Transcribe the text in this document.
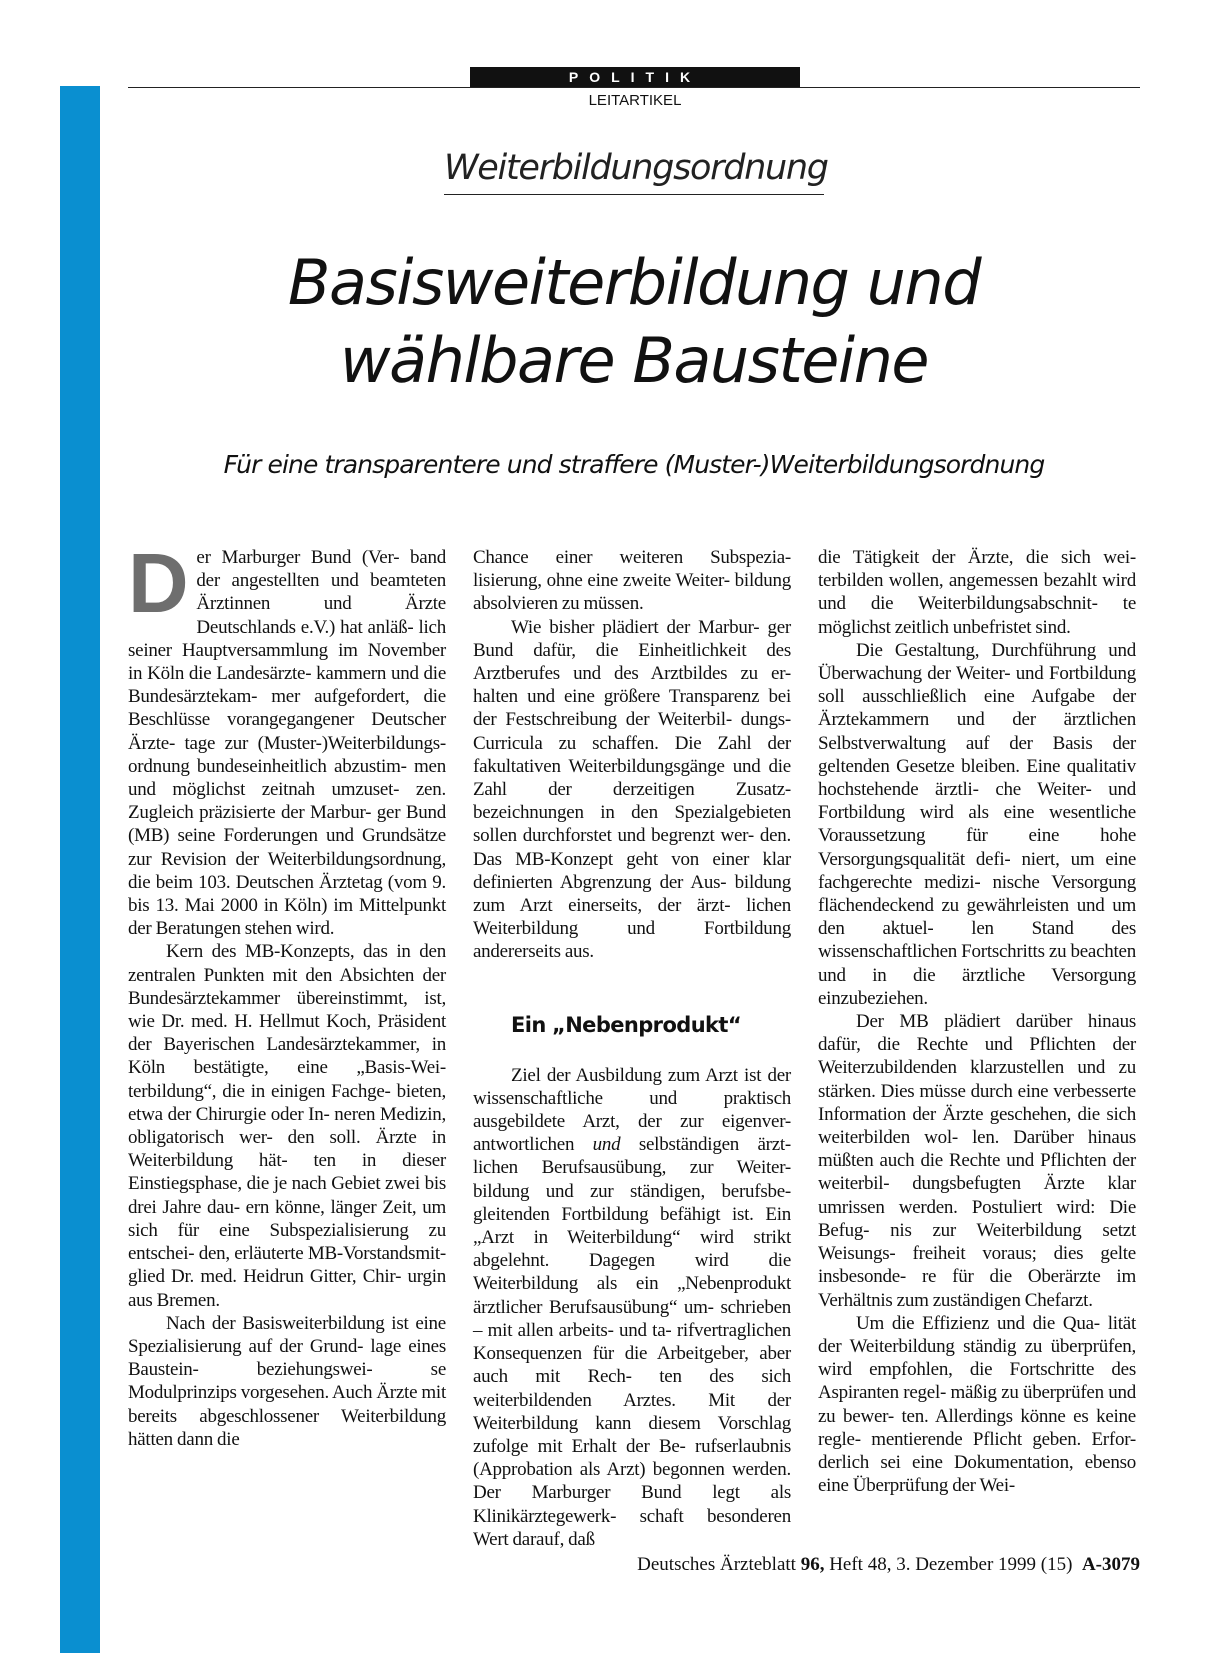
POLITIK
LEITARTIKEL
Weiterbildungsordnung
Basisweiterbildung und
wählbare Bausteine
Für eine transparentere und straffere (Muster-)Weiterbildungsordnung

Der Marburger Bund (Ver- band der angestellten und beamteten Ärztinnen und Ärzte Deutschlands e.V.) hat anläß- lich seiner Hauptversammlung im November in Köln die Landesärzte- kammern und die Bundesärztekam- mer aufgefordert, die Beschlüsse vorangegangener Deutscher Ärzte- tage zur (Muster-)Weiterbildungs- ordnung bundeseinheitlich abzustim- men und möglichst zeitnah umzuset- zen. Zugleich präzisierte der Marbur- ger Bund (MB) seine Forderungen und Grundsätze zur Revision der Weiterbildungsordnung, die beim 103. Deutschen Ärztetag (vom 9. bis 13. Mai 2000 in Köln) im Mittelpunkt der Beratungen stehen wird.

Kern des MB-Konzepts, das in den zentralen Punkten mit den Absichten der Bundesärztekammer übereinstimmt, ist, wie Dr. med. H. Hellmut Koch, Präsident der Bayerischen Landesärztekammer, in Köln bestätigte, eine „Basis-Wei- terbildung“, die in einigen Fachge- bieten, etwa der Chirurgie oder In- neren Medizin, obligatorisch wer- den soll. Ärzte in Weiterbildung hät- ten in dieser Einstiegsphase, die je nach Gebiet zwei bis drei Jahre dau- ern könne, länger Zeit, um sich für eine Subspezialisierung zu entschei- den, erläuterte MB-Vorstandsmit- glied Dr. med. Heidrun Gitter, Chir- urgin aus Bremen.

Nach der Basisweiterbildung ist eine Spezialisierung auf der Grund- lage eines Baustein- beziehungswei- se Modulprinzips vorgesehen. Auch Ärzte mit bereits abgeschlossener Weiterbildung hätten dann die

Chance einer weiteren Subspezia- lisierung, ohne eine zweite Weiter- bildung absolvieren zu müssen.

Wie bisher plädiert der Marbur- ger Bund dafür, die Einheitlichkeit des Arztberufes und des Arztbildes zu er- halten und eine größere Transparenz bei der Festschreibung der Weiterbil- dungs-Curricula zu schaffen. Die Zahl der fakultativen Weiterbildungsgänge und die Zahl der derzeitigen Zusatz- bezeichnungen in den Spezialgebieten sollen durchforstet und begrenzt wer- den. Das MB-Konzept geht von einer klar definierten Abgrenzung der Aus- bildung zum Arzt einerseits, der ärzt- lichen Weiterbildung und Fortbildung andererseits aus.

Ein „Nebenprodukt“

Ziel der Ausbildung zum Arzt ist der wissenschaftliche und praktisch ausgebildete Arzt, der zur eigenver- antwortlichen und selbständigen ärzt- lichen Berufsausübung, zur Weiter- bildung und zur ständigen, berufsbe- gleitenden Fortbildung befähigt ist. Ein „Arzt in Weiterbildung“ wird strikt abgelehnt. Dagegen wird die Weiterbildung als ein „Nebenprodukt ärztlicher Berufsausübung“ um- schrieben – mit allen arbeits- und ta- rifvertraglichen Konsequenzen für die Arbeitgeber, aber auch mit Rech- ten des sich weiterbildenden Arztes. Mit der Weiterbildung kann diesem Vorschlag zufolge mit Erhalt der Be- rufserlaubnis (Approbation als Arzt) begonnen werden. Der Marburger Bund legt als Klinikärztegewerk- schaft besonderen Wert darauf, daß

die Tätigkeit der Ärzte, die sich wei- terbilden wollen, angemessen bezahlt wird und die Weiterbildungsabschnit- te möglichst zeitlich unbefristet sind.

Die Gestaltung, Durchführung und Überwachung der Weiter- und Fortbildung soll ausschließlich eine Aufgabe der Ärztekammern und der ärztlichen Selbstverwaltung auf der Basis der geltenden Gesetze bleiben. Eine qualitativ hochstehende ärztli- che Weiter- und Fortbildung wird als eine wesentliche Voraussetzung für eine hohe Versorgungsqualität defi- niert, um eine fachgerechte medizi- nische Versorgung flächendeckend zu gewährleisten und um den aktuel- len Stand des wissenschaftlichen Fortschritts zu beachten und in die ärztliche Versorgung einzubeziehen.

Der MB plädiert darüber hinaus dafür, die Rechte und Pflichten der Weiterzubildenden klarzustellen und zu stärken. Dies müsse durch eine verbesserte Information der Ärzte geschehen, die sich weiterbilden wol- len. Darüber hinaus müßten auch die Rechte und Pflichten der weiterbil- dungsbefugten Ärzte klar umrissen werden. Postuliert wird: Die Befug- nis zur Weiterbildung setzt Weisungs- freiheit voraus; dies gelte insbesonde- re für die Oberärzte im Verhältnis zum zuständigen Chefarzt.

Um die Effizienz und die Qua- lität der Weiterbildung ständig zu überprüfen, wird empfohlen, die Fortschritte des Aspiranten regel- mäßig zu überprüfen und zu bewer- ten. Allerdings könne es keine regle- mentierende Pflicht geben. Erfor- derlich sei eine Dokumentation, ebenso eine Überprüfung der Wei-

Deutsches Ärzteblatt 96, Heft 48, 3. Dezember 1999 (15) A-3079
